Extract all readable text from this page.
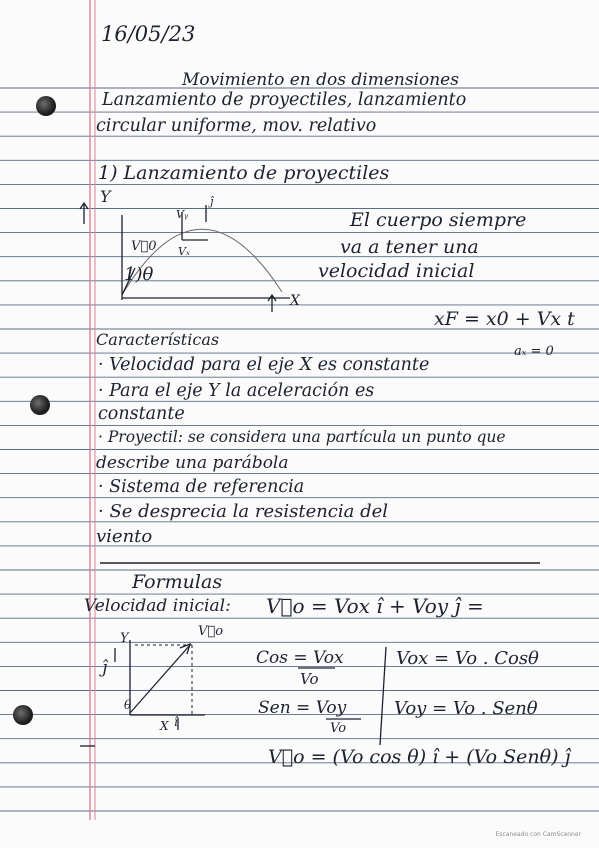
16/05/23
Movimiento en dos dimensiones
Lanzamiento de proyectiles, lanzamiento
circular uniforme, mov. relativo
1) Lanzamiento de proyectiles
Y
Vᵧ
Vₓ
ĵ
V⃗0
1)θ
X
El cuerpo siempre
va a tener una
velocidad inicial
xF = x0 + Vx t
aₓ = 0
Características
· Velocidad para el eje X es constante
· Para el eje Y la aceleración es
constante
· Proyectil: se considera una partícula un punto que
describe una parábola
· Sistema de referencia
· Se desprecia la resistencia del
viento
Formulas
Velocidad inicial: V⃗o = Vox î + Voy ĵ =
Y
ĵ
V⃗o
θ
X î
Cos = Vox
Vo
Vox = Vo . Cosθ
Sen = Voy
Vo
Voy = Vo . Senθ
V⃗o = (Vo cos θ) î + (Vo Senθ) ĵ
Escaneado con CamScanner
